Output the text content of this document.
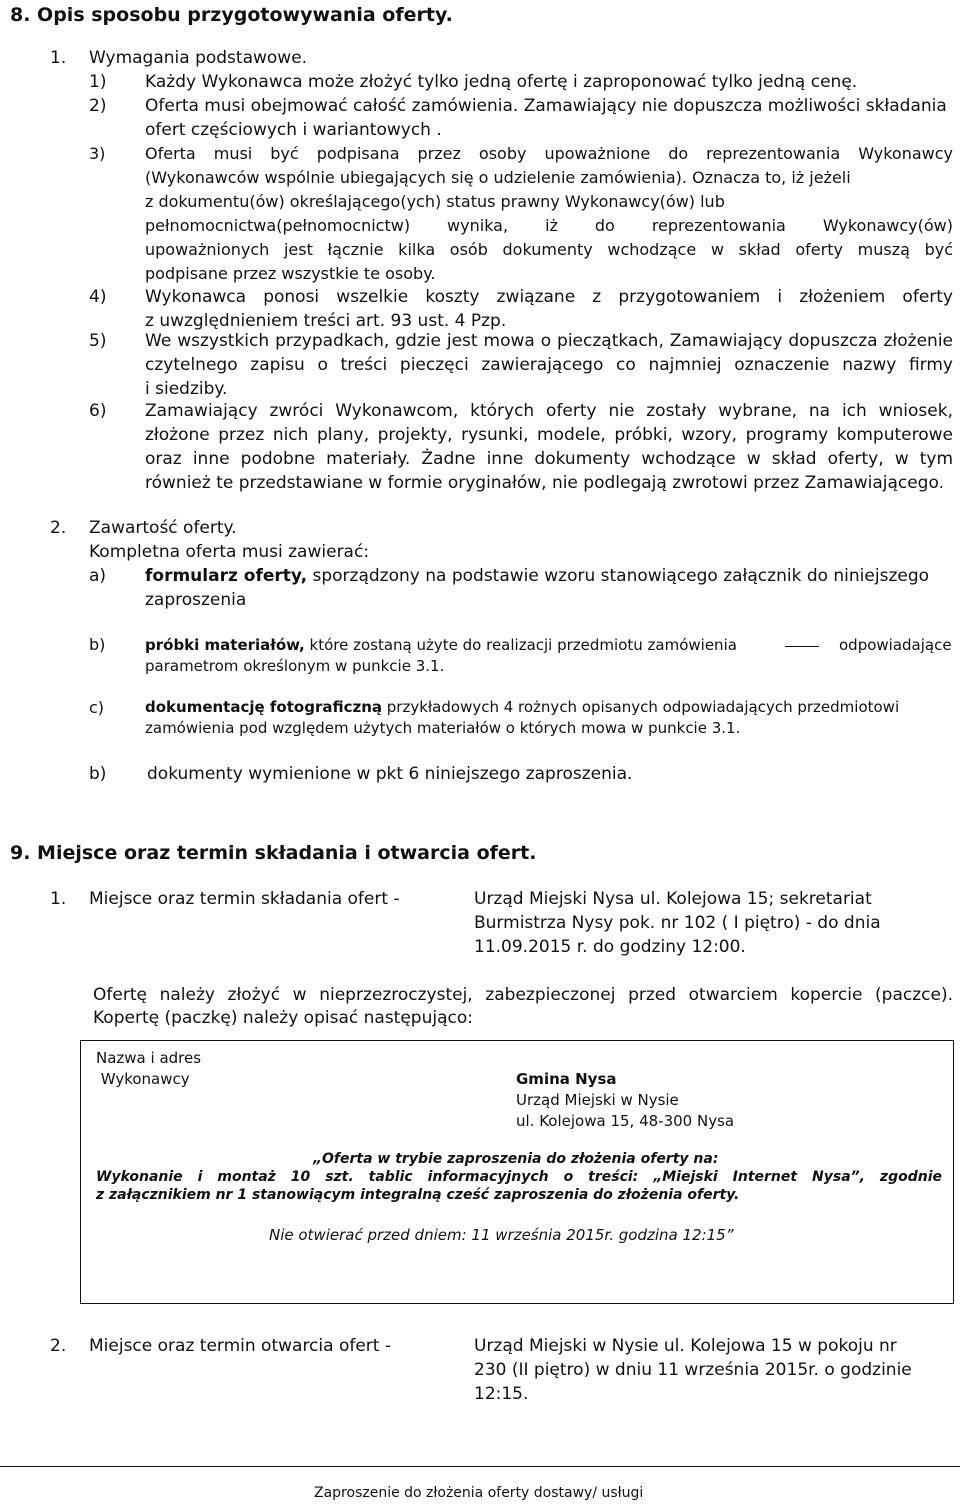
8. Opis sposobu przygotowywania oferty.
1. Wymagania podstawowe.
1) Każdy Wykonawca może złożyć tylko jedną ofertę i zaproponować tylko jedną cenę.
2) Oferta musi obejmować całość zamówienia. Zamawiający nie dopuszcza możliwości składania
ofert częściowych i wariantowych .
3) Oferta musi być podpisana przez osoby upoważnione do reprezentowania Wykonawcy
(Wykonawców wspólnie ubiegających się o udzielenie zamówienia). Oznacza to, iż jeżeli
z dokumentu(ów) określającego(ych) status prawny Wykonawcy(ów) lub
pełnomocnictwa(pełnomocnictw) wynika, iż do reprezentowania Wykonawcy(ów)
upoważnionych jest łącznie kilka osób dokumenty wchodzące w skład oferty muszą być
podpisane przez wszystkie te osoby.
4) Wykonawca ponosi wszelkie koszty związane z przygotowaniem i złożeniem oferty
z uwzględnieniem treści art. 93 ust. 4 Pzp.
5) We wszystkich przypadkach, gdzie jest mowa o pieczątkach, Zamawiający dopuszcza złożenie
czytelnego zapisu o treści pieczęci zawierającego co najmniej oznaczenie nazwy firmy
i siedziby.
6) Zamawiający zwróci Wykonawcom, których oferty nie zostały wybrane, na ich wniosek,
złożone przez nich plany, projekty, rysunki, modele, próbki, wzory, programy komputerowe
oraz inne podobne materiały. Żadne inne dokumenty wchodzące w skład oferty, w tym
również te przedstawiane w formie oryginałów, nie podlegają zwrotowi przez Zamawiającego.
2. Zawartość oferty.
Kompletna oferta musi zawierać:
a) formularz oferty, sporządzony na podstawie wzoru stanowiącego załącznik do niniejszego
zaproszenia
b)	próbki materiałów, które zostaną użyte do realizacji przedmiotu zamówienia	odpowiadające
parametrom określonym w punkcie 3.1.
c)	dokumentację fotograficzną przykładowych 4 rożnych opisanych odpowiadających przedmiotowi
zamówienia pod względem użytych materiałów o których mowa w punkcie 3.1.
b) dokumenty wymienione w pkt 6 niniejszego zaproszenia.
9. Miejsce oraz termin składania i otwarcia ofert.
1. Miejsce oraz termin składania ofert -	Urząd Miejski Nysa ul. Kolejowa 15; sekretariat
Burmistrza Nysy pok. nr 102 ( I piętro) - do dnia
11.09.2015 r. do godziny 12:00.
Ofertę należy złożyć w nieprzezroczystej, zabezpieczonej przed otwarciem kopercie (paczce).
Kopertę (paczkę) należy opisać następująco:
Nazwa i adres
Wykonawcy	Gmina Nysa
Urząd Miejski w Nysie
ul. Kolejowa 15, 48-300 Nysa
„Oferta w trybie zaproszenia do złożenia oferty na:
Wykonanie i montaż 10 szt. tablic informacyjnych o treści: „Miejski Internet Nysa”, zgodnie
z załącznikiem nr 1 stanowiącym integralną cześć zaproszenia do złożenia oferty.
Nie otwierać przed dniem: 11 września 2015r. godzina 12:15”
2. Miejsce oraz termin otwarcia ofert -	Urząd Miejski w Nysie ul. Kolejowa 15 w pokoju nr
230 (II piętro) w dniu 11 września 2015r. o godzinie
12:15.
Zaproszenie do złożenia oferty dostawy/ usługi
